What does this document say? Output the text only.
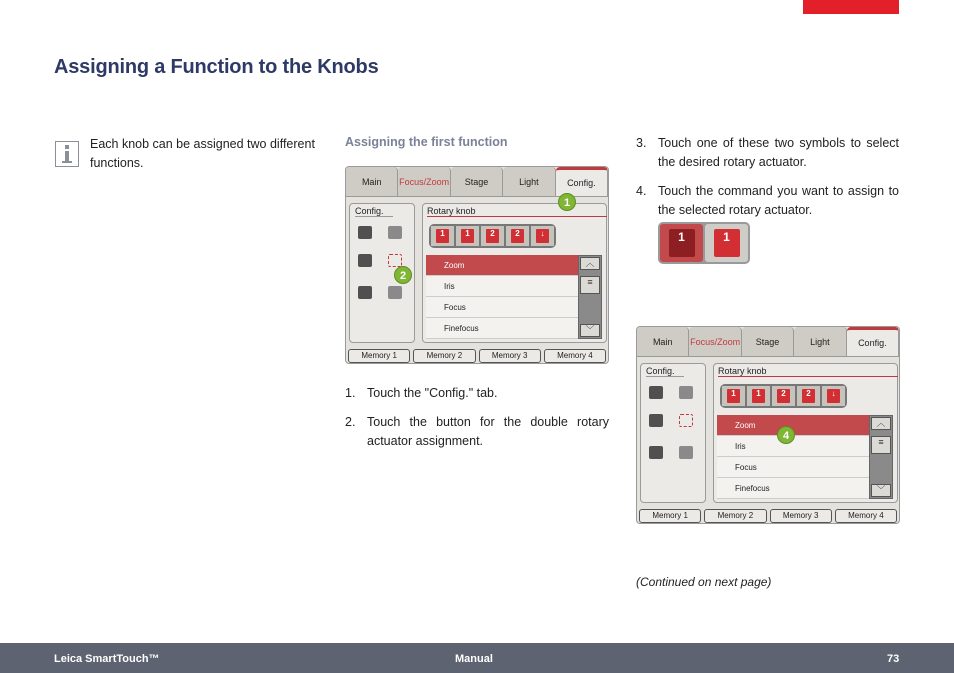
Assigning a Function to the Knobs

Each knob can be assigned two different functions.

Assigning the first function
Main	Focus/Zoom	Stage	Light	Config.
Config.	Rotary knob
1	1	2	2	↓
Zoom
Iris
Focus
Finefocus
︿
≡
﹀
Memory 1	Memory 2	Memory 3	Memory 4
1
2
1. Touch the "Config." tab.
2. Touch the button for the double rotary actuator assignment.
3. Touch one of these two symbols to select the desired rotary actuator.
4. Touch the command you want to assign to the selected rotary actuator.
1	1
Main	Focus/Zoom	Stage	Light	Config.
Config.	Rotary knob
1	1	2	2	↓
Zoom
Iris
Focus
Finefocus
︿
≡
﹀
Memory 1	Memory 2	Memory 3	Memory 4
4
(Continued on next page)
Leica SmartTouch™	Manual	73
